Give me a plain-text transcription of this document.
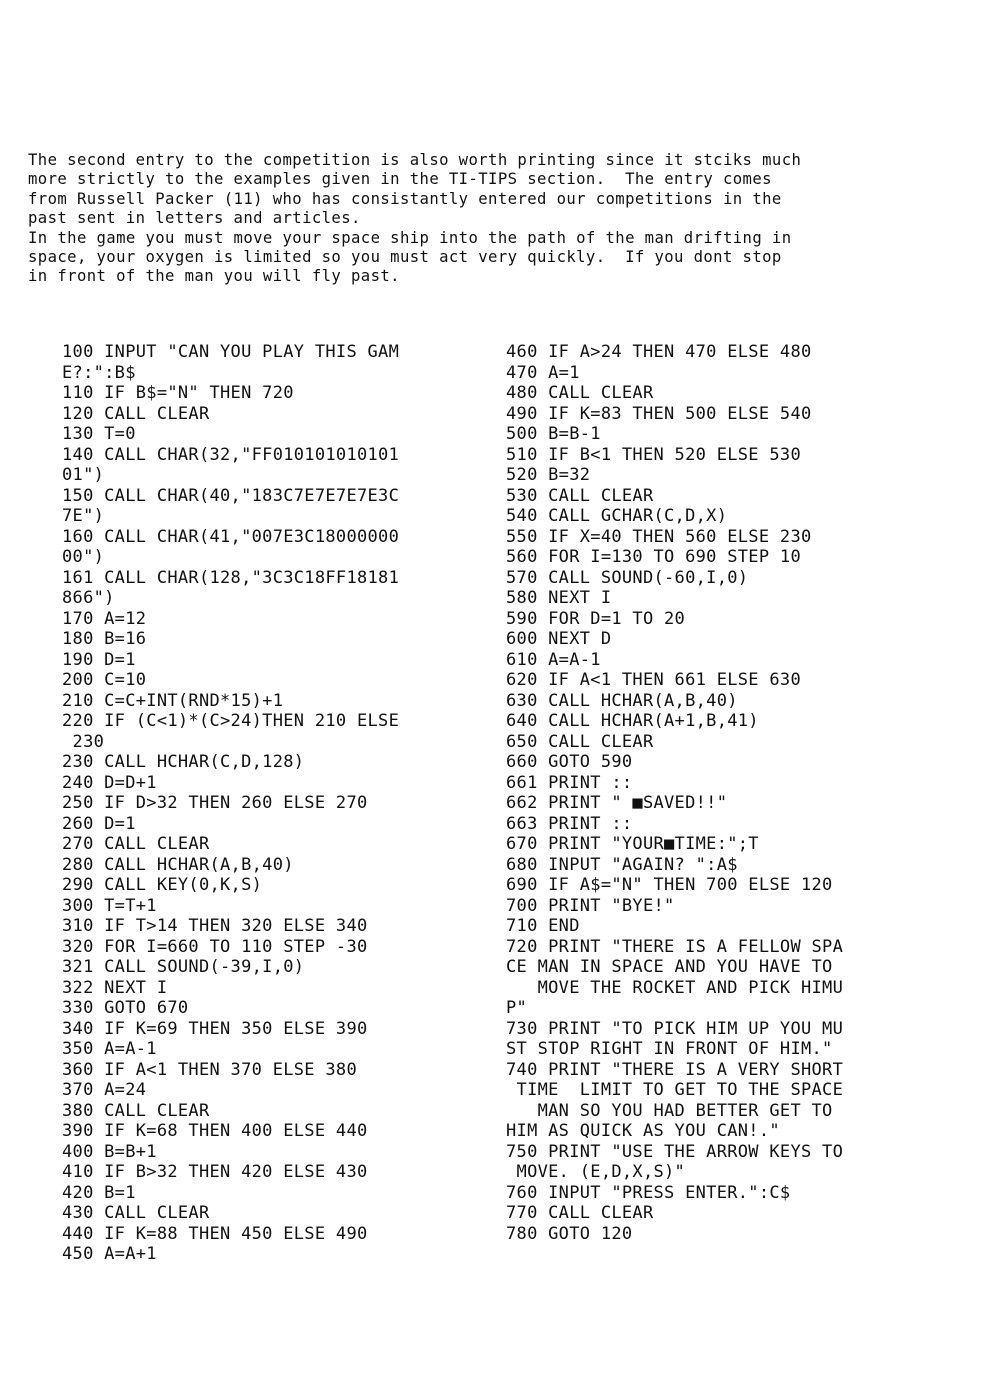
The second entry to the competition is also worth printing since it stciks much
more strictly to the examples given in the TI-TIPS section.  The entry comes
from Russell Packer (11) who has consistantly entered our competitions in the
past sent in letters and articles.
In the game you must move your space ship into the path of the man drifting in
space, your oxygen is limited so you must act very quickly.  If you dont stop
in front of the man you will fly past.
100 INPUT "CAN YOU PLAY THIS GAM
E?:":B$
110 IF B$="N" THEN 720
120 CALL CLEAR
130 T=0
140 CALL CHAR(32,"FF010101010101
01")
150 CALL CHAR(40,"183C7E7E7E7E3C
7E")
160 CALL CHAR(41,"007E3C18000000
00")
161 CALL CHAR(128,"3C3C18FF18181
866")
170 A=12
180 B=16
190 D=1
200 C=10
210 C=C+INT(RND*15)+1
220 IF (C<1)*(C>24)THEN 210 ELSE
230
230 CALL HCHAR(C,D,128)
240 D=D+1
250 IF D>32 THEN 260 ELSE 270
260 D=1
270 CALL CLEAR
280 CALL HCHAR(A,B,40)
290 CALL KEY(0,K,S)
300 T=T+1
310 IF T>14 THEN 320 ELSE 340
320 FOR I=660 TO 110 STEP -30
321 CALL SOUND(-39,I,0)
322 NEXT I
330 GOTO 670
340 IF K=69 THEN 350 ELSE 390
350 A=A-1
360 IF A<1 THEN 370 ELSE 380
370 A=24
380 CALL CLEAR
390 IF K=68 THEN 400 ELSE 440
400 B=B+1
410 IF B>32 THEN 420 ELSE 430
420 B=1
430 CALL CLEAR
440 IF K=88 THEN 450 ELSE 490
450 A=A+1
460 IF A>24 THEN 470 ELSE 480
470 A=1
480 CALL CLEAR
490 IF K=83 THEN 500 ELSE 540
500 B=B-1
510 IF B<1 THEN 520 ELSE 530
520 B=32
530 CALL CLEAR
540 CALL GCHAR(C,D,X)
550 IF X=40 THEN 560 ELSE 230
560 FOR I=130 TO 690 STEP 10
570 CALL SOUND(-60,I,0)
580 NEXT I
590 FOR D=1 TO 20
600 NEXT D
610 A=A-1
620 IF A<1 THEN 661 ELSE 630
630 CALL HCHAR(A,B,40)
640 CALL HCHAR(A+1,B,41)
650 CALL CLEAR
660 GOTO 590
661 PRINT ::
662 PRINT " ■SAVED!!"
663 PRINT ::
670 PRINT "YOUR■TIME:";T
680 INPUT "AGAIN? ":A$
690 IF A$="N" THEN 700 ELSE 120
700 PRINT "BYE!"
710 END
720 PRINT "THERE IS A FELLOW SPA
CE MAN IN SPACE AND YOU HAVE TO
MOVE THE ROCKET AND PICK HIMU
P"
730 PRINT "TO PICK HIM UP YOU MU
ST STOP RIGHT IN FRONT OF HIM."
740 PRINT "THERE IS A VERY SHORT
TIME  LIMIT TO GET TO THE SPACE
MAN SO YOU HAD BETTER GET TO
HIM AS QUICK AS YOU CAN!."
750 PRINT "USE THE ARROW KEYS TO
MOVE. (E,D,X,S)"
760 INPUT "PRESS ENTER.":C$
770 CALL CLEAR
780 GOTO 120
